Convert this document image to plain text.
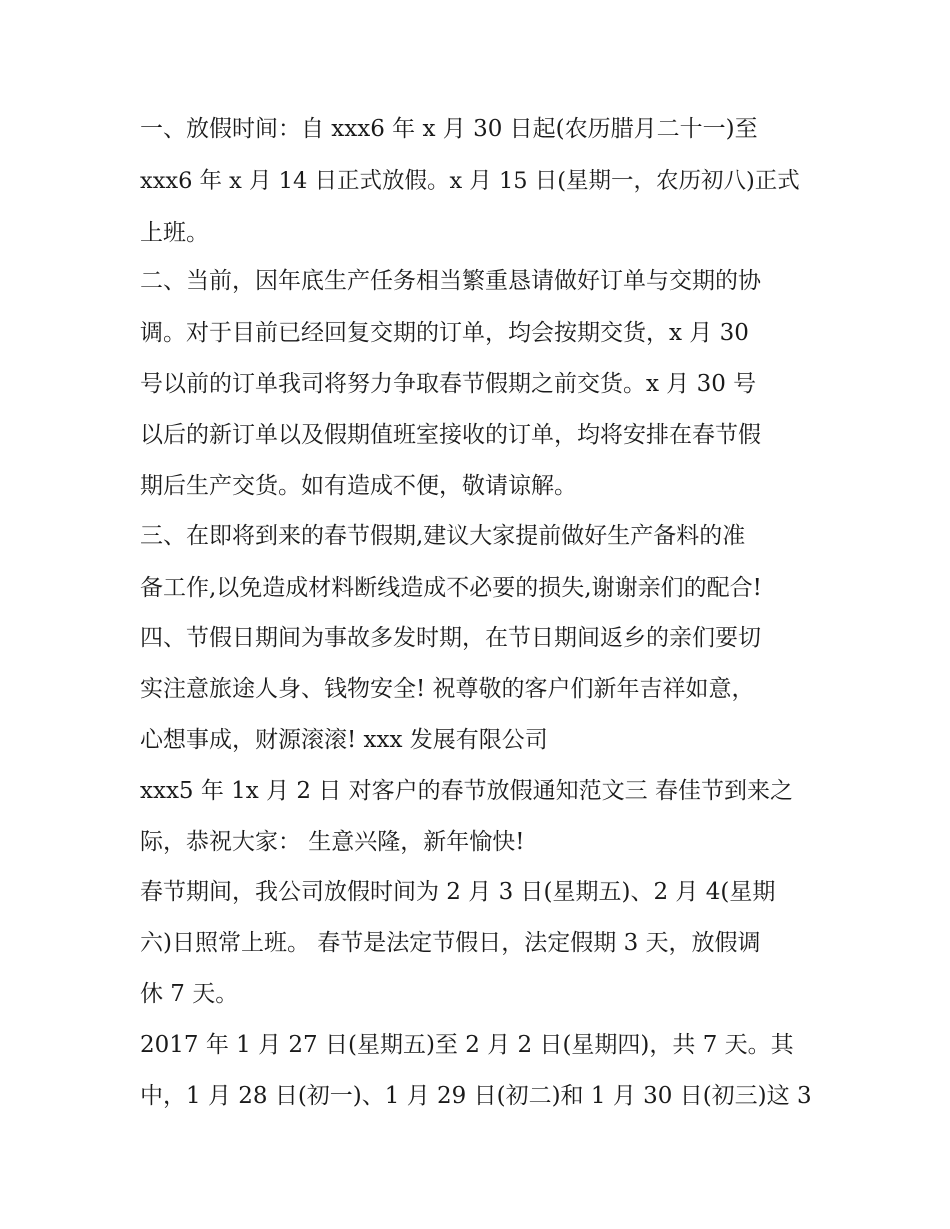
一、放假时间：自 xxx6 年 x 月 30 日起(农历腊月二十一)至
xxx6 年 x 月 14 日正式放假。x 月 15 日(星期一，农历初八)正式
上班。
二、当前，因年底生产任务相当繁重恳请做好订单与交期的协
调。对于目前已经回复交期的订单，均会按期交货，x 月 30
号以前的订单我司将努力争取春节假期之前交货。x 月 30 号
以后的新订单以及假期值班室接收的订单，均将安排在春节假
期后生产交货。如有造成不便，敬请谅解。
三、在即将到来的春节假期,建议大家提前做好生产备料的准
备工作,以免造成材料断线造成不必要的损失,谢谢亲们的配合!
四、节假日期间为事故多发时期，在节日期间返乡的亲们要切
实注意旅途人身、钱物安全! 祝尊敬的客户们新年吉祥如意，
心想事成，财源滚滚! xxx 发展有限公司
xxx5 年 1x 月 2 日 对客户的春节放假通知范文三 春佳节到来之
际，恭祝大家： 生意兴隆，新年愉快!
春节期间，我公司放假时间为 2 月 3 日(星期五)、2 月 4(星期
六)日照常上班。 春节是法定节假日，法定假期 3 天，放假调
休 7 天。
2017 年 1 月 27 日(星期五)至 2 月 2 日(星期四)，共 7 天。其
中，1 月 28 日(初一)、1 月 29 日(初二)和 1 月 30 日(初三)这 3
